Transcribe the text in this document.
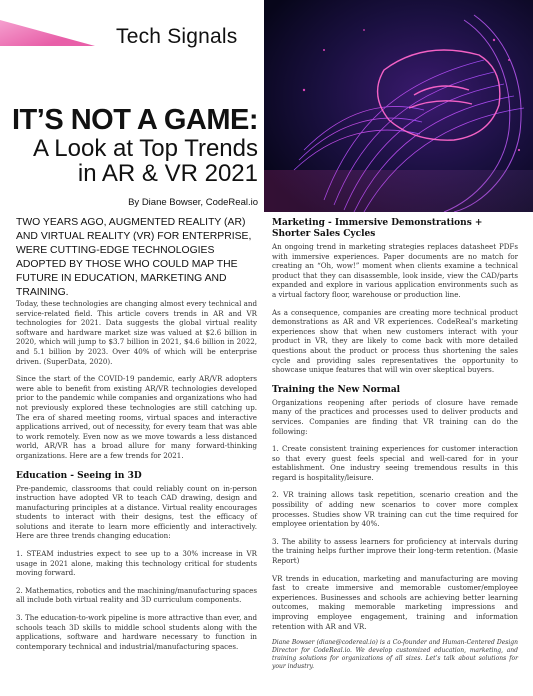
Tech Signals
IT’S NOT A GAME:
A Look at Top Trends
in AR & VR 2021
By Diane Bowser, CodeReal.io
TWO YEARS AGO, AUGMENTED REALITY (AR) AND VIRTUAL REALITY (VR) FOR ENTERPRISE, WERE CUTTING-EDGE TECHNOLOGIES ADOPTED BY THOSE WHO COULD MAP THE FUTURE IN EDUCATION, MARKETING AND TRAINING.

Today, these technologies are changing almost every technical and service-related field. This article covers trends in AR and VR technologies for 2021. Data suggests the global virtual reality software and hardware market size was valued at $2.6 billion in 2020, which will jump to $3.7 billion in 2021, $4.6 billion in 2022, and 5.1 billion by 2023. Over 40% of which will be enterprise driven. (SuperData, 2020).

Since the start of the COVID-19 pandemic, early AR/VR adopters were able to benefit from existing AR/VR technologies developed prior to the pandemic while companies and organizations who had not previously explored these technologies are still catching up. The era of shared meeting rooms, virtual spaces and interactive applications arrived, out of necessity, for every team that was able to work remotely. Even now as we move towards a less distanced world, AR/VR has a broad allure for many forward-thinking organizations. Here are a few trends for 2021.

Education - Seeing in 3D

Pre-pandemic, classrooms that could reliably count on in-person instruction have adopted VR to teach CAD drawing, design and manufacturing principles at a distance. Virtual reality encourages students to interact with their designs, test the efficacy of solutions and iterate to learn more efficiently and interactively. Here are three trends changing education:

1. STEAM industries expect to see up to a 30% increase in VR usage in 2021 alone, making this technology critical for students moving forward.

2. Mathematics, robotics and the machining/manufacturing spaces all include both virtual reality and 3D curriculum components.

3. The education-to-work pipeline is more attractive than ever, and schools teach 3D skills to middle school students along with the applications, software and hardware necessary to function in contemporary technical and industrial/manufacturing spaces.

Marketing - Immersive Demonstrations + Shorter Sales Cycles

An ongoing trend in marketing strategies replaces datasheet PDFs with immersive experiences. Paper documents are no match for creating an “Oh, wow!” moment when clients examine a technical product that they can disassemble, look inside, view the CAD/parts expanded and explore in various application environments such as a virtual factory floor, warehouse or production line.

As a consequence, companies are creating more technical product demonstrations as AR and VR experiences. CodeReal’s marketing experiences show that when new customers interact with your product in VR, they are likely to come back with more detailed questions about the product or process thus shortening the sales cycle and providing sales representatives the opportunity to showcase unique features that will win over skeptical buyers.

Training the New Normal

Organizations reopening after periods of closure have remade many of the practices and processes used to deliver products and services. Companies are finding that VR training can do the following:

1. Create consistent training experiences for customer interaction so that every guest feels special and well-cared for in your establishment. One industry seeing tremendous results in this regard is hospitality/leisure.

2. VR training allows task repetition, scenario creation and the possibility of adding new scenarios to cover more complex processes. Studies show VR training can cut the time required for employee orientation by 40%.

3. The ability to assess learners for proficiency at intervals during the training helps further improve their long-term retention. (Masie Report)

VR trends in education, marketing and manufacturing are moving fast to create immersive and memorable customer/employee experiences. Businesses and schools are achieving better learning outcomes, making memorable marketing impressions and improving employee engagement, training and information retention with AR and VR.

Diane Bowser (diane@codereal.io) is a Co-founder and Human-Centered Design Director for CodeReal.io. We develop customized education, marketing, and training solutions for organizations of all sizes. Let’s talk about solutions for your industry.
